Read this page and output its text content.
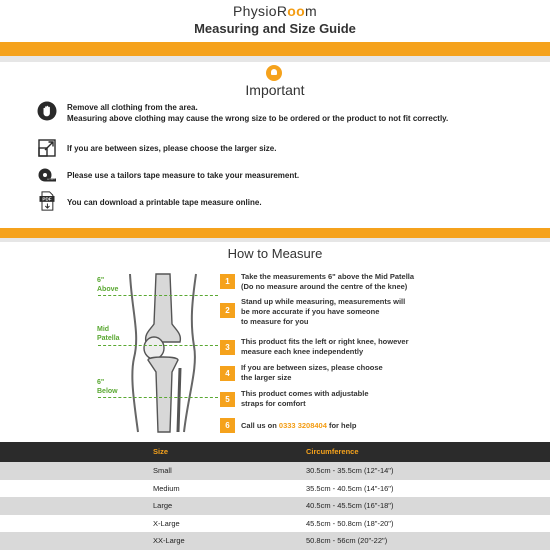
PhysioRoom
Measuring and Size Guide
Important
Remove all clothing from the area.
Measuring above clothing may cause the wrong size to be ordered or the product to not fit correctly.
If you are between sizes, please choose the larger size.
Please use a tailors tape measure to take your measurement.
PDF You can download a printable tape measure online.
How to Measure
6"
Above
Mid
Patella
6"
Below
1
Take the measurements 6" above the Mid Patella
(Do no measure around the centre of the knee)
2
Stand up while measuring, measurements will
be more accurate if you have someone
to measure for you
3
This product fits the left or right knee, however
measure each knee independently
4
If you are between sizes, please choose
the larger size
5
This product comes with adjustable
straps for comfort
6	Call us on 0333 3208404 for help
Size	Circumference
Small	30.5cm - 35.5cm (12"-14")
Medium	35.5cm - 40.5cm (14"-16")
Large	40.5cm - 45.5cm (16"-18")
X-Large	45.5cm - 50.8cm (18"-20")
XX-Large	50.8cm - 56cm (20"-22")
